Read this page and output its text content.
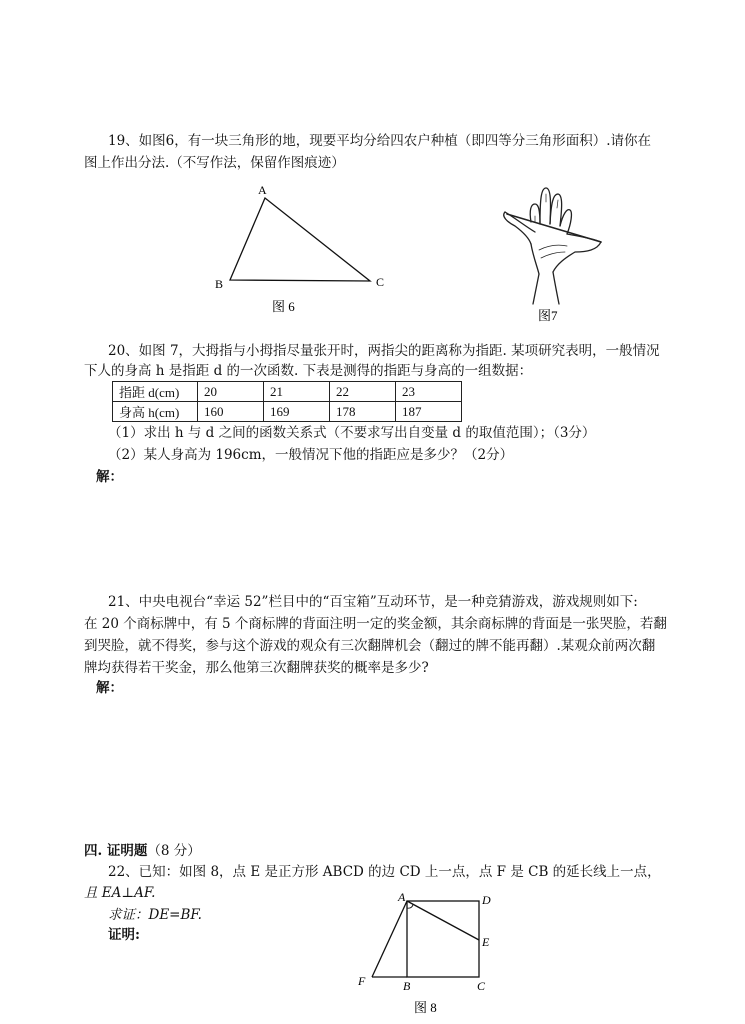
19、如图6，有一块三角形的地，现要平均分给四农户种植（即四等分三角形面积）.请你在
图上作出分法.（不写作法，保留作图痕迹）
A
B	C
图 6
图7
20、如图 7，大拇指与小拇指尽量张开时，两指尖的距离称为指距. 某项研究表明，一般情况
下人的身高 h 是指距 d 的一次函数. 下表是测得的指距与身高的一组数据：
指距 d(cm)	20	21	22	23
身高 h(cm)	160	169	178	187
（1）求出 h 与 d 之间的函数关系式（不要求写出自变量 d 的取值范围）；（3分）
（2）某人身高为 196cm，一般情况下他的指距应是多少？（2分）
解：
21、中央电视台“幸运 52”栏目中的“百宝箱”互动环节，是一种竞猜游戏，游戏规则如下:
在 20 个商标牌中，有 5 个商标牌的背面注明一定的奖金额，其余商标牌的背面是一张哭脸，若翻
到哭脸，就不得奖，参与这个游戏的观众有三次翻牌机会（翻过的牌不能再翻）.某观众前两次翻
牌均获得若干奖金，那么他第三次翻牌获奖的概率是多少?
解：
四. 证明题（8 分）
22、已知：如图 8，点 E 是正方形 ABCD 的边 CD 上一点，点 F 是 CB 的延长线上一点，
且 EA⊥AF.
求证：DE=BF.
证明:
A	D
E
F	B	C
图 8
